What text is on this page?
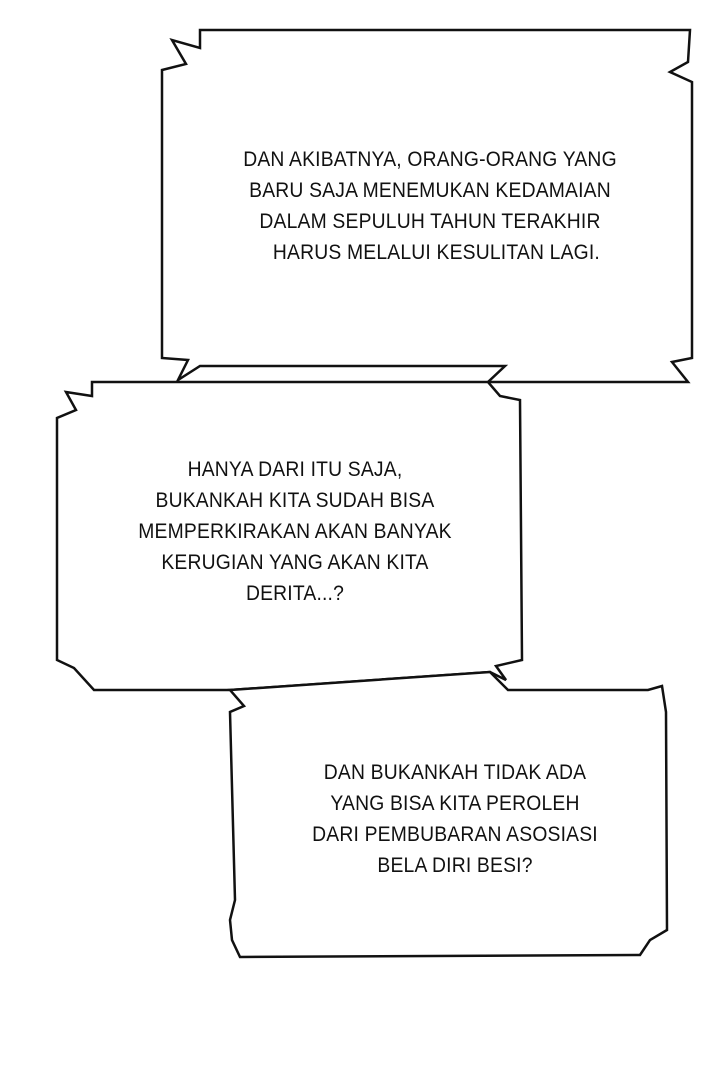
DAN AKIBATNYA, ORANG-ORANG YANG
BARU SAJA MENEMUKAN KEDAMAIAN
DALAM SEPULUH TAHUN TERAKHIR
HARUS MELALUI KESULITAN LAGI.
HANYA DARI ITU SAJA,
BUKANKAH KITA SUDAH BISA
MEMPERKIRAKAN AKAN BANYAK
KERUGIAN YANG AKAN KITA
DERITA...?
DAN BUKANKAH TIDAK ADA
YANG BISA KITA PEROLEH
DARI PEMBUBARAN ASOSIASI
BELA DIRI BESI?
